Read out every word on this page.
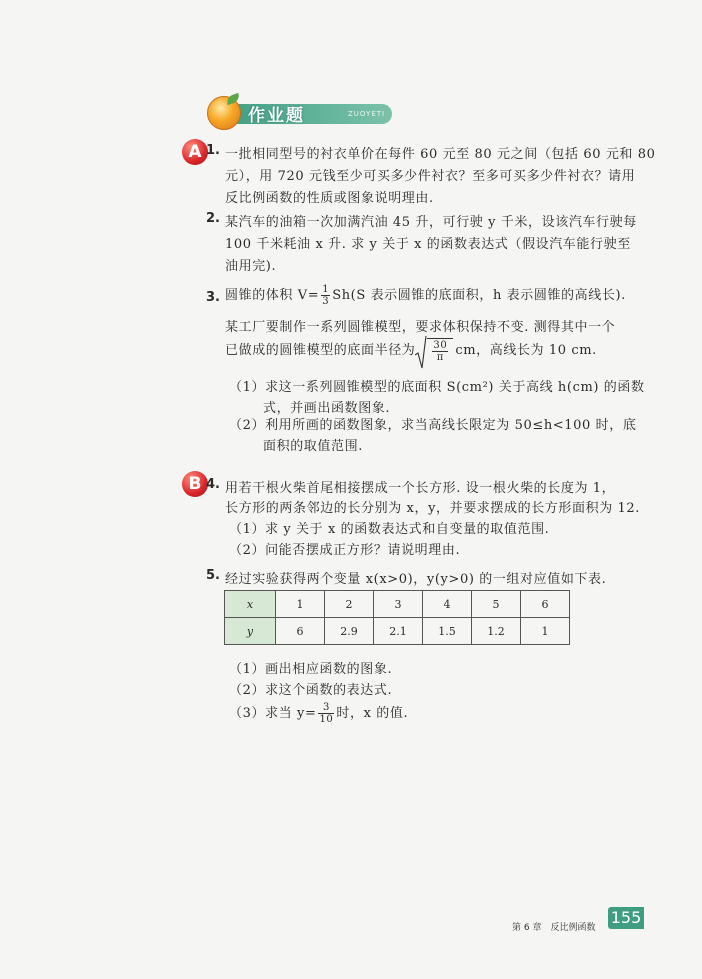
作业题	ZUOYETI
A 1. 一批相同型号的衬衣单价在每件 60 元至 80 元之间（包括 60 元和 80
元），用 720 元钱至少可买多少件衬衣？至多可买多少件衬衣？请用
反比例函数的性质或图象说明理由.
2. 某汽车的油箱一次加满汽油 45 升，可行驶 y 千米，设该汽车行驶每
100 千米耗油 x 升. 求 y 关于 x 的函数表达式（假设汽车能行驶至
油用完).
3. 圆锥的体积 $V= \frac{1}{3} Sh(S$ 表示圆锥的底面积，h 表示圆锥的高线长).
某工厂要制作一系列圆锥模型，要求体积保持不变. 测得其中一个
已做成的圆锥模型的底面半径为 $\frac{30}{\pi}$ cm，高线长为 10 cm.
（1）求这一系列圆锥模型的底面积 S(cm²) 关于高线 h(cm) 的函数
式，并画出函数图象.
（2）利用所画的函数图象，求当高线长限定为 50≤h<100 时，底
面积的取值范围.
B 4. 用若干根火柴首尾相接摆成一个长方形. 设一根火柴的长度为 1，
长方形的两条邻边的长分别为 x，y，并要求摆成的长方形面积为 12.
（1）求 y 关于 x 的函数表达式和自变量的取值范围.
（2）问能否摆成正方形？请说明理由.
5. 经过实验获得两个变量 x(x>0)，y(y>0) 的一组对应值如下表.
x	1	2	3	4	5	6
y	6	2.9	2.1	1.5	1.2	1
（1）画出相应函数的图象.
（2）求这个函数的表达式.
（3）求当 $y= \frac{3}{10}$ 时，x 的值.
第 6 章　反比例函数
155
